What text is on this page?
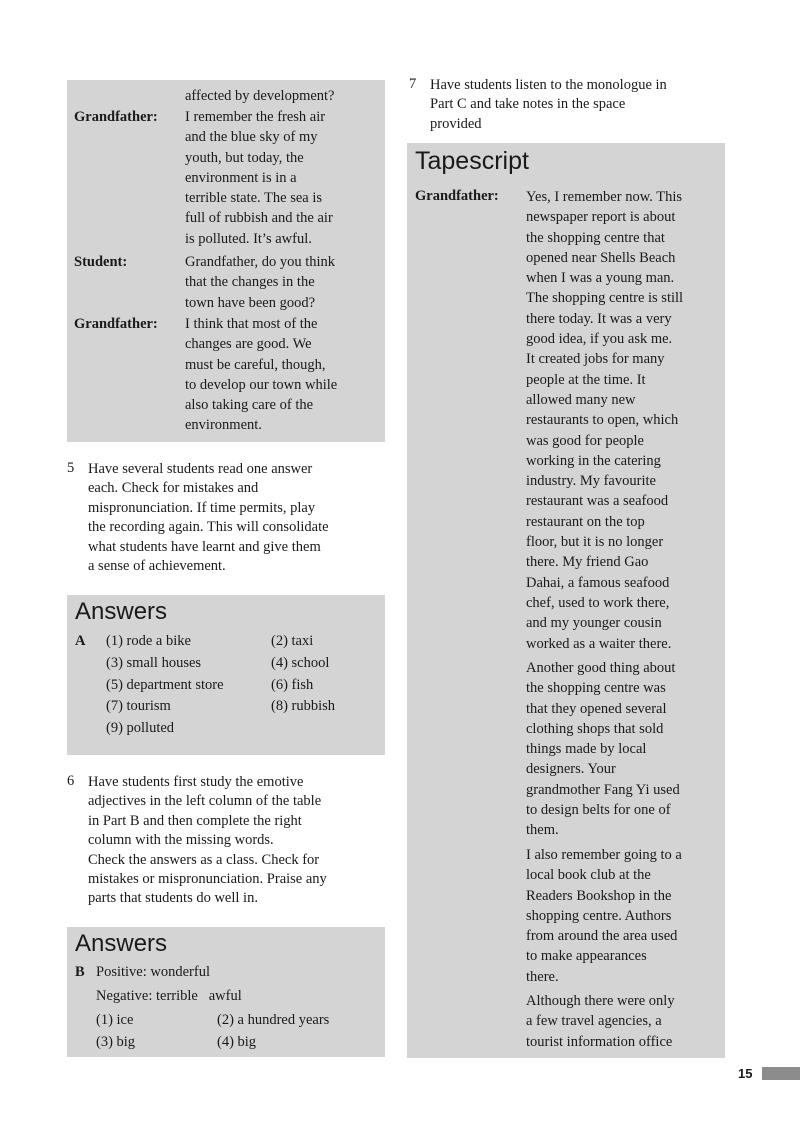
affected by development?
Grandfather: I remember the fresh air
and the blue sky of my
youth, but today, the
environment is in a
terrible state. The sea is
full of rubbish and the air
is polluted. It’s awful.
Student:	Grandfather, do you think
that the changes in the
town have been good?
Grandfather: I think that most of the
changes are good. We
must be careful, though,
to develop our town while
also taking care of the
environment.
5 Have several students read one answer
each. Check for mistakes and
mispronunciation. If time permits, play
the recording again. This will consolidate
what students have learnt and give them
a sense of achievement.
Answers
A (1) rode a bike	(2) taxi
(3) small houses	(4) school
(5) department store	(6) fish
(7) tourism	(8) rubbish
(9) polluted
6 Have students first study the emotive
adjectives in the left column of the table
in Part B and then complete the right
column with the missing words.
Check the answers as a class. Check for
mistakes or mispronunciation. Praise any
parts that students do well in.
Answers
B Positive: wonderful
Negative: terrible   awful
(1) ice	(2) a hundred years
(3) big	(4) big
7 Have students listen to the monologue in
Part C and take notes in the space
provided
Tapescript
Grandfather: Yes, I remember now. This
newspaper report is about
the shopping centre that
opened near Shells Beach
when I was a young man.
The shopping centre is still
there today. It was a very
good idea, if you ask me.
It created jobs for many
people at the time. It
allowed many new
restaurants to open, which
was good for people
working in the catering
industry. My favourite
restaurant was a seafood
restaurant on the top
floor, but it is no longer
there. My friend Gao
Dahai, a famous seafood
chef, used to work there,
and my younger cousin
worked as a waiter there.
Another good thing about
the shopping centre was
that they opened several
clothing shops that sold
things made by local
designers. Your
grandmother Fang Yi used
to design belts for one of
them.
I also remember going to a
local book club at the
Readers Bookshop in the
shopping centre. Authors
from around the area used
to make appearances
there.
Although there were only
a few travel agencies, a
tourist information office
15
